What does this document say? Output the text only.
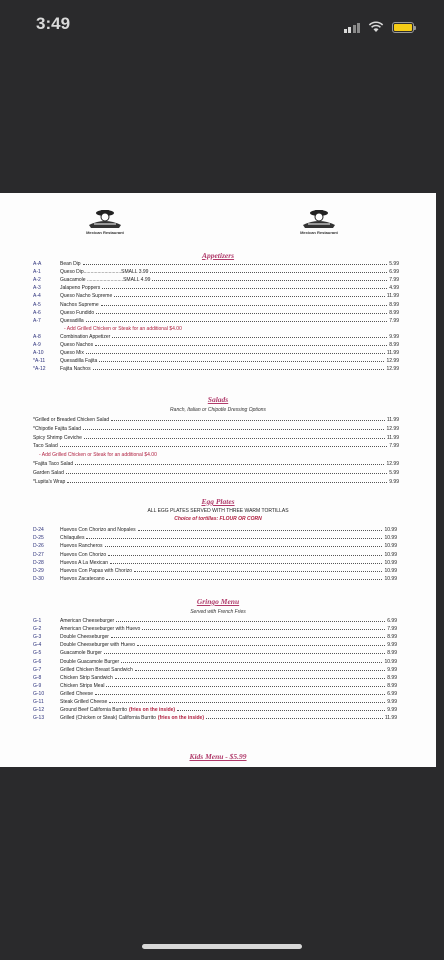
3:49
Mexican Restaurant	Mexican Restaurant
Appetizers
A-A	Bean Dip	5.99
A-1	Queso Dip...........................SMALL 3.99	6.99
A-2	Guacamole ..........................SMALL 4.99	7.99
A-3	Jalapeno Poppers	4.99
A-4	Queso Nacho Supreme	11.99
A-5	Nachos Supreme	8.99
A-6	Queso Fundido	8.99
A-7	Quesadilla	7.99
- Add Grilled Chicken or Steak for an additional $4.00
A-8	Combination Appetizer	9.99
A-9	Queso Nachos	8.99
A-10	Queso Mix	11.99
*A-11	Quesadilla Fajita	12.99
*A-12	Fajita Nachos	12.99
Salads
Ranch, Italian or Chipotle Dressing Options
*Grilled or Breaded Chicken Salad	11.99
*Chipotle Fajita Salad	12.99
Spicy Shrimp Ceviche	11.99
Taco Salad	7.99
- Add Grilled Chicken or Steak for an additional $4.00
*Fajita Taco Salad	12.99
Garden Salad	5.99
*Lupita's Wrap	9.99
Egg Plates
ALL EGG PLATES SERVED WITH THREE WARM TORTILLAS
Choice of tortillas: FLOUR OR CORN
D-24	Huevos Con Chorizo and Nopales	10.99
D-25	Chilaquiles	10.99
D-26	Huevos Rancheros	10.99
D-27	Huevos Con Chorizo	10.99
D-28	Huevos A La Mexican	10.99
D-29	Huevos Con Papas with Chorizo	10.99
D-30	Huevos Zacatecano	10.99
Gringo Menu
Served with French Fries
G-1	American Cheeseburger	6.99
G-2	American Cheeseburger with Huevo	7.99
G-3	Double Cheeseburger	8.99
G-4	Double Cheeseburger with Huevo	9.99
G-5	Guacamole Burger	8.99
G-6	Double Guacamole Burger	10.99
G-7	Grilled Chicken Breast Sandwich	9.99
G-8	Chicken Strip Sandwich	8.99
G-9	Chicken Strips Meal	8.99
G-10	Grilled Cheese	6.99
G-11	Steak Grilled Cheese	9.99
G-12	Ground Beef California Burrito (fries on the inside)	9.99
G-13	Grilled (Chicken or Steak) California Burrito (fries on the inside)	11.99
Kids Menu - $5.99
